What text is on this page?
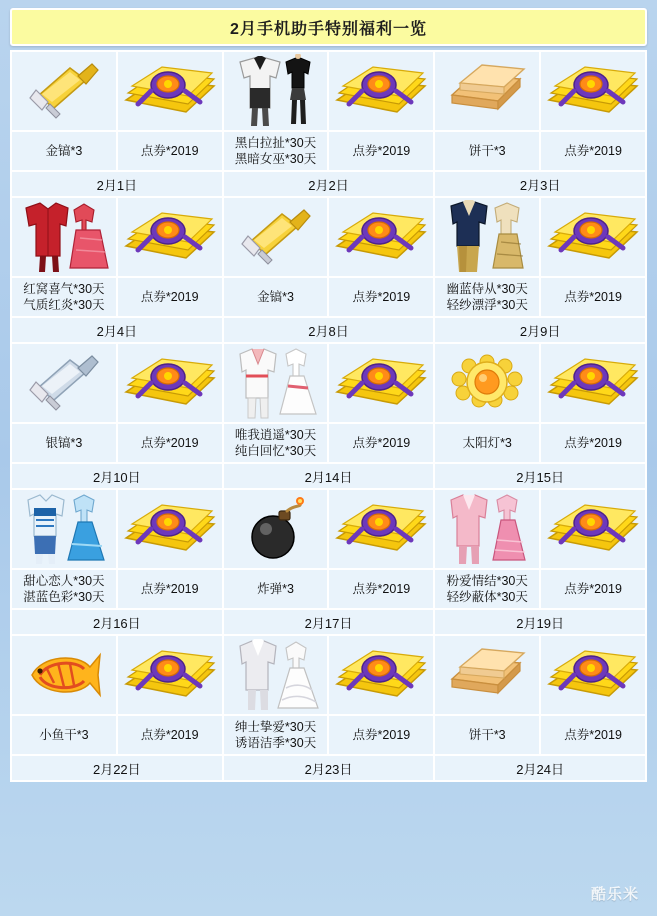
2月手机助手特别福利一览

金镐*3	点券*2019	黑白拉扯*30天
黑暗女巫*30天	点券*2019	饼干*3	点券*2019

2月1日		2月2日		2月3日	

红窝喜气*30天
气质红炎*30天	点券*2019	金镐*3	点券*2019	幽蓝侍从*30天
轻纱漂浮*30天	点券*2019

2月4日		2月8日		2月9日	

银镐*3	点券*2019	唯我逍遥*30天
纯白回忆*30天	点券*2019	太阳灯*3	点券*2019

2月10日		2月14日		2月15日	

甜心恋人*30天
湛蓝色彩*30天	点券*2019	炸弹*3	点券*2019	粉爱情结*30天
轻纱蔽体*30天	点券*2019

2月16日		2月17日		2月19日	

小鱼干*3	点券*2019	绅士挚爱*30天
诱语洁季*30天	点券*2019	饼干*3	点券*2019

2月22日		2月23日		2月24日	
酷乐米
